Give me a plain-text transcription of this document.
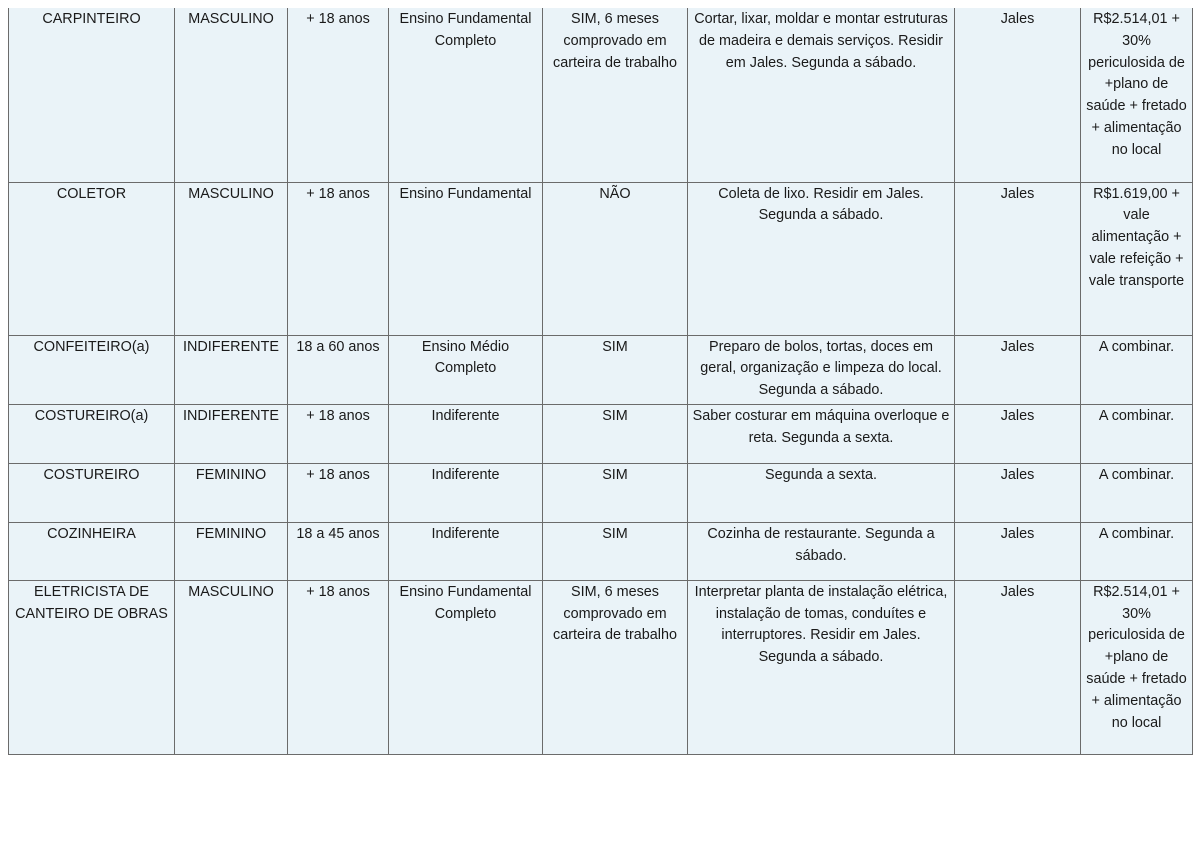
CARPINTEIRO	MASCULINO	+ 18 anos	Ensino Fundamental Completo	SIM, 6 meses comprovado em carteira de trabalho	Cortar, lixar, moldar e montar estruturas de madeira e demais serviços. Residir em Jales. Segunda a sábado.	Jales	R$2.514,01 + 30% periculosida de +plano de saúde + fretado + alimentação no local
COLETOR	MASCULINO	+ 18 anos	Ensino Fundamental	NÃO	Coleta de lixo. Residir em Jales. Segunda a sábado.	Jales	R$1.619,00 + vale alimentação + vale refeição + vale transporte
CONFEITEIRO(a)	INDIFERENTE	18 a 60 anos	Ensino Médio Completo	SIM	Preparo de bolos, tortas, doces em geral, organização e limpeza do local. Segunda a sábado.	Jales	A combinar.
COSTUREIRO(a)	INDIFERENTE	+ 18 anos	Indiferente	SIM	Saber costurar em máquina overloque e reta. Segunda a sexta.	Jales	A combinar.
COSTUREIRO	FEMININO	+ 18 anos	Indiferente	SIM	Segunda a sexta.	Jales	A combinar.
COZINHEIRA	FEMININO	18 a 45 anos	Indiferente	SIM	Cozinha de restaurante. Segunda a sábado.	Jales	A combinar.
ELETRICISTA DE CANTEIRO DE OBRAS	MASCULINO	+ 18 anos	Ensino Fundamental Completo	SIM, 6 meses comprovado em carteira de trabalho	Interpretar planta de instalação elétrica, instalação de tomas, conduítes e interruptores. Residir em Jales. Segunda a sábado.	Jales	R$2.514,01 + 30% periculosida de +plano de saúde + fretado + alimentação no local
